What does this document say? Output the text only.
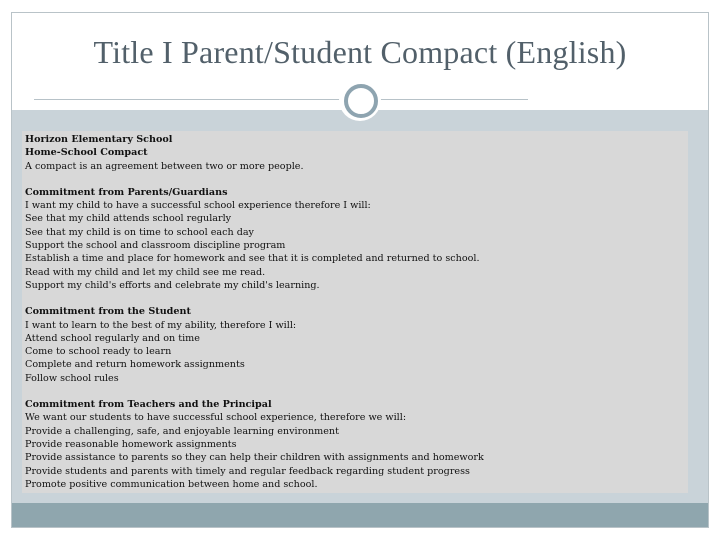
Title I Parent/Student Compact (English)

Horizon Elementary School

Home-School Compact

A compact is an agreement between two or more people.

Commitment from Parents/Guardians

I want my child to have a successful school experience therefore I will:

See that my child attends school regularly

See that my child is on time to school each day

Support the school and classroom discipline program

Establish a time and place for homework and see that it is completed and returned to school.

Read with my child and let my child see me read.

Support my child's efforts and celebrate my child's learning.

Commitment from the Student

I want to learn to the best of my ability, therefore I will:

Attend school regularly and on time

Come to school ready to learn

Complete and return homework assignments

Follow school rules

Commitment from Teachers and the Principal

We want our students to have successful school experience, therefore we will:

Provide a challenging, safe, and enjoyable learning environment

Provide reasonable homework assignments

Provide assistance to parents so they can help their children with assignments and homework

Provide students and parents with timely and regular feedback regarding student progress

Promote positive communication between home and school.
